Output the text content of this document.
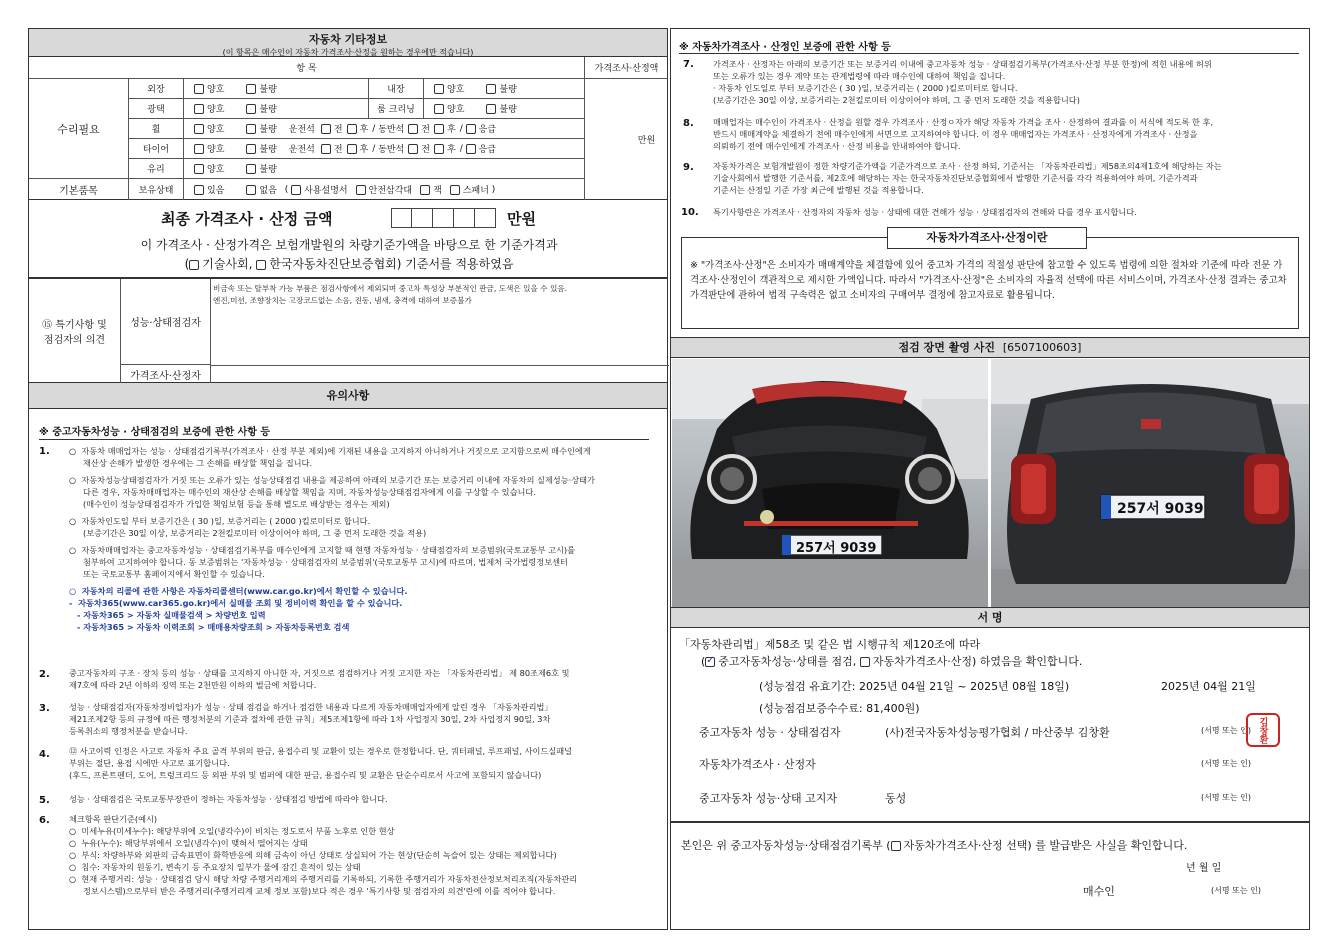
자동차 기타정보
(이 항목은 매수인이 자동차 가격조사·산정을 원하는 경우에만 적습니다)
항 목	가격조사·산정액
수리필요
기본품목
만원
외장	양호	불량	내장	양호	불량
광택	양호	불량	룸 크리닝	양호	불량
휠	양호	불량 운전석 전 후 / 동반석 전 후 / 응급
타이어	양호	불량 운전석 전 후 / 동반석 전 후 / 응급
유리	양호	불량
보유상태	있음	없음 ( 사용설명서 안전삼각대 잭 스패너 )
최종 가격조사 · 산정 금액	만원
이 가격조사 · 산정가격은 보험개발원의 차량기준가액을 바탕으로 한 기준가격과
( 기술사회, 한국자동차진단보증협회) 기준서를 적용하였음
⑮ 특기사항 및
점검자의 의견
성능·상태점검자
비금속 또는 탈부착 가능 부품은 점검사항에서 제외되며 중고차 특성상 부분적인 판금, 도색은 있을 수 있음.
엔진,미션, 조향장치는 고장코드없는 소음, 진동, 냄새, 충격에 대하여 보증불가
가격조사·산정자
유의사항
※ 중고자동차성능 · 상태점검의 보증에 관한 사항 등
1. ○  자동차 매매업자는 성능 · 상태점검기록부(가격조사 · 산정 부분 제외)에 기재된 내용을 고지하지 아니하거나 거짓으로 고지함으로써 매수인에게
재산상 손해가 발생한 경우에는 그 손해를 배상할 책임을 집니다.
○  자동차성능상태점검자가 거짓 또는 오류가 있는 성능상태점검 내용을 제공하여 아래의 보증기간 또는 보증거리 이내에 자동차의 실제성능·상태가
다른 경우, 자동차매매업자는 매수인의 재산상 손해를 배상할 책임을 지며, 자동차성능상태점검자에게 이를 구상할 수 있습니다.
(매수인이 성능상태점검자가 가입한 책임보험 등을 통해 별도로 배상받는 경우는 제외)
○  자동차인도일 부터 보증기간은 ( 30 )일, 보증거리는 ( 2000 )킬로미터로 합니다.
(보증기간은 30일 이상, 보증거리는 2천킬로미터 이상이어야 하며, 그 중 먼저 도래한 것을 적용)
○  자동차매매업자는 중고자동차성능 · 상태점검기록부를 매수인에게 고지할 때 현행 자동차성능 · 상태점검자의 보증범위(국토교통부 고시)를
첨부하여 고지하여야 합니다. 동 보증범위는 '자동차성능 · 상태점검자의 보증범위'(국토교통부 고시)에 따르며, 법제처 국가법령정보센터
또는 국토교통부 홈페이지에서 확인할 수 있습니다.
○  자동차의 리콜에 관한 사항은 자동차리콜센터(www.car.go.kr)에서 확인할 수 있습니다.
-  자동차365(www.car365.go.kr)에서 실매물 조회 및 정비이력 확인을 할 수 있습니다.
- 자동차365 > 자동차 실매물검색 > 차량번호 입력
- 자동차365 > 자동차 이력조회 > 매매용차량조회 > 자동차등록번호 검색
2. 중고자동차의 구조 · 장치 등의 성능 · 상태를 고지하지 아니한 자, 거짓으로 점검하거나 거짓 고지한 자는 「자동차관리법」 제 80조제6호 및
제7호에 따라 2년 이하의 징역 또는 2천만원 이하의 벌금에 처합니다.
3. 성능 · 상태점검자(자동차정비업자)가 성능 · 상태 점검을 하거나 점검한 내용과 다르게 자동차매매업자에게 알린 경우 「자동차관리법」
제21조제2항 등의 규정에 따른 행정처분의 기준과 절차에 관한 규칙」제5조제1항에 따라 1차 사업정지 30일, 2차 사업정지 90일, 3차
등록취소의 행정처분을 받습니다.
4. ⑫ 사고이력 인정은 사고로 자동차 주요 골격 부위의 판금, 용접수리 및 교환이 있는 경우로 한정합니다. 단, 쿼터패널, 루프패널, 사이드실패널
부위는 절단, 용접 시에만 사고로 표기합니다.
(후드, 프론트펜더, 도어, 트렁크리드 등 외판 부위 및 범퍼에 대한 판금, 용접수리 및 교환은 단순수리로서 사고에 포함되지 않습니다)
5. 성능 · 상태점검은 국토교통부장관이 정하는 자동차성능 · 상태점검 방법에 따라야 합니다.
6. 체크항목 판단기준(예시)
○  미세누유(미세누수): 해당부위에 오일(냉각수)이 비치는 정도로서 부품 노후로 인한 현상
○  누유(누수): 해당부위에서 오일(냉각수)이 맺혀서 떨어지는 상태
○  부식: 차량하부와 외판의 금속표면이 화학반응에 의해 금속이 아닌 상태로 상실되어 가는 현상(단순히 녹슬어 있는 상태는 제외합니다)
○  침수: 자동차의 원동기, 변속기 등 주요장치 일부가 물에 잠긴 흔적이 있는 상태
○  현재 주행거리: 성능 · 상태점검 당시 해당 차량 주행거리계의 주행거리를 기록하되, 기록한 주행거리가 자동차전산정보처리조직(자동차관리
정보시스템)으로부터 받은 주행거리(주행거리계 교체 정보 포함)보다 적은 경우 '특기사항 및 점검자의 의견'란에 이를 적어야 합니다.
※ 자동차가격조사 · 산정인 보증에 관한 사항 등
7. 가격조사 · 산정자는 아래의 보증기간 또는 보증거리 이내에 중고자동차 성능 · 상태점검기록부(가격조사·산정 부분 한정)에 적힌 내용에 허위
또는 오류가 있는 경우 계약 또는 관계법령에 따라 매수인에 대하여 책임을 집니다.
· 자동차 인도일로 부터 보증기간은 ( 30 )일, 보증거리는 ( 2000 )킬로미터로 합니다.
(보증기간은 30일 이상, 보증거리는 2천킬로미터 이상이어야 하며, 그 중 먼저 도래한 것을 적용합니다)
8. 매매업자는 매수인이 가격조사 · 산정을 원할 경우 가격조사 · 산정ㅇ자가 해당 자동차 가격을 조사 · 산정하여 결과를 이 서식에 적도록 한 후,
반드시 매매계약을 체결하기 전에 매수인에게 서면으로 고지하여야 합니다. 이 경우 매매업자는 가격조사 · 산정자에게 가격조사 · 산정을
의뢰하기 전에 매수인에게 가격조사 · 산정 비용을 안내하여야 합니다.
9. 자동차가격은 보험개발원이 정한 차량기준가액을 기준가격으로 조사 · 산정 하되, 기준서는 「자동차관리법」제58조의4제1호에 해당하는 자는
기술사회에서 발행한 기준서를, 제2호에 해당하는 자는 한국자동차진단보증협회에서 발행한 기준서를 각각 적용하여야 하며, 기준가격과
기준서는 산정일 기준 가장 최근에 발행된 것을 적용합니다.
10. 특기사항란은 가격조사 · 산정자의 자동차 성능 · 상태에 대한 견해가 성능 · 상태점검자의 견해와 다를 경우 표시합니다.
자동차가격조사·산정이란
※ "가격조사·산정"은 소비자가 매매계약을 체결함에 있어 중고차 가격의 적절성 판단에 참고할 수 있도록 법령에 의한 절차와 기준에 따라 전문 가격조사·산정인이 객관적으로 제시한 가액입니다. 따라서 "가격조사·산정"은 소비자의 자율적 선택에 따른 서비스이며, 가격조사·산정 결과는 중고차 가격판단에 관하여 법적 구속력은 없고 소비자의 구매여부 결정에 참고자료로 활용됩니다.
점검 장면 촬영 사진 [6507100603]
257서 9039
257서 9039
서 명
「자동차관리법」제58조 및 같은 법 시행규칙 제120조에 따라
(✓ 중고자동차성능·상태를 점검, 자동차가격조사·산정) 하였음을 확인합니다.
(성능점검 유효기간: 2025년 04월 21일 ~ 2025년 08월 18일)	2025년 04월 21일
(성능점검보증수수료: 81,400원)
중고자동차 성능 · 상태점검자	(사)전국자동차성능평가협회 / 마산중부 김창환	(서명 또는 인) 김창환
자동차가격조사 · 산정자	(서명 또는 인)
중고자동차 성능·상태 고지자	동성	(서명 또는 인)
본인은 위 중고자동차성능·상태점검기록부 ( 자동차가격조사·산정 선택) 를 발급받은 사실을 확인합니다.
년 월 일
매수인	(서명 또는 인)
